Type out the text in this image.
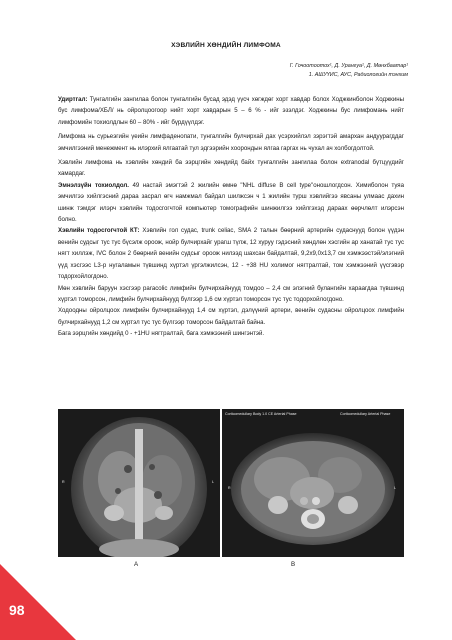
ХЭВЛИЙН ХӨНДИЙН ЛИМФОМА
Г. Гочоотоотох¹, Д. Урангуа¹, Д. Мөнхбаатар¹
1. АШУҮИС, АУС, Радиологийн тэнхим

Удиртгал: Тунгалгийн зангилаа болон тунгалгийн бусад эдэд үүсч хөгждөг хорт хавдар болох Ходжкинболон Ходжкины бус лимфома/ХБЛ/ нь ойролцоогоор нийт хорт хавдарын 5 – 6 % - ийг эзэлдэг. Ходжкины бус лимфомань нийт лимфомийн тохиолдлын 60 – 80% - ийг бүрдүүлдэг.

Лимфома нь сүрьеэгийн үеийн лимфаденопати, тунгалгийн булчирхай дах үсэрхийлэл зэрэгтэй амархан андуурагддаг эмчилгээний менежмент нь илэрхий ялгаатай тул эдгээрийн хоорондын ялгаа гаргах нь чухал ач холбогдолтой.

Хэвлийн лимфома нь хэвлийн хөндий ба ээрцгийн хөндийд байх тунгалгийн зангилаа болон extranodal бүтцүүдийг хамардаг.

Эмнэлзүйн тохиолдол. 49 настай эмэгтэй 2 жилийн өмнө "NHL diffuse B cell type"оношлогдсон. Химиболон туяа эмчилгээ хийлгэсний дараа засрал өгч намжмал байдал шилжсэн ч 1 жилийн турш хэвлийгээ явсаны улмаас дахин шинж тэмдэг илэрч хэвлийн тодосгогчтой компьютер томографийн шинжилгээ хийлгэхэд дараах өөрчлөлт илэрсэн болно.

Хэвлийн тодосгогчтой КТ: Хэвлийн гол судас, trunk celiac, SMA 2 талын бөөрний артерийн судаснууд болон үүдэн венийн судсыг тус тус бүсэлж ороож, нойр булчирхайг урагш түлж, 12 хуруу гэдэсний хөндлөн хэсгийн ар ханатай тус тус нягт хиллэж, IVC болон 2 бөөрний венийн судсыг ороож нилээд шахсан байдалтай, 9,2х9,0х13,7 см хэмжээстэй/элэгний үүд хэсгээс L3-р нугаламын түвшинд хүртэл үргэлжилсэн, 12 - +38 HU холимог нягтралтай, том хэмжээний үүсгэвэр тодорхойлогдоно.

Мөн хэвлийн баруун хэсгээр paracolic лимфийн булчирхайнууд томдоо – 2,4 см элэгний булангийн хараагдаа түвшинд хүртэл томорсон, лимфийн булчирхайнууд бүлгээр 1,6 см хүртэл томорсон тус тус тодорхойлогдоно.

Ходоодны ойролцоох лимфийн булчирхайнууд 1,4 см хүртэл, дэлүүний артери, венийн судасны ойролцоох лимфийн булчирхайнууд 1,2 см хүртэл тус тус бүлгээр томорсон байдалтай байна.

Бага ээрцгийн хөндийд 0 - +1HU нягтралтай, бага хэмжээний шингэнтэй.

R	L
Corticomedullary Body 1.0 CE Arterial Phase	Corticomedullary Arterial Phase
R	L
A	B
98
